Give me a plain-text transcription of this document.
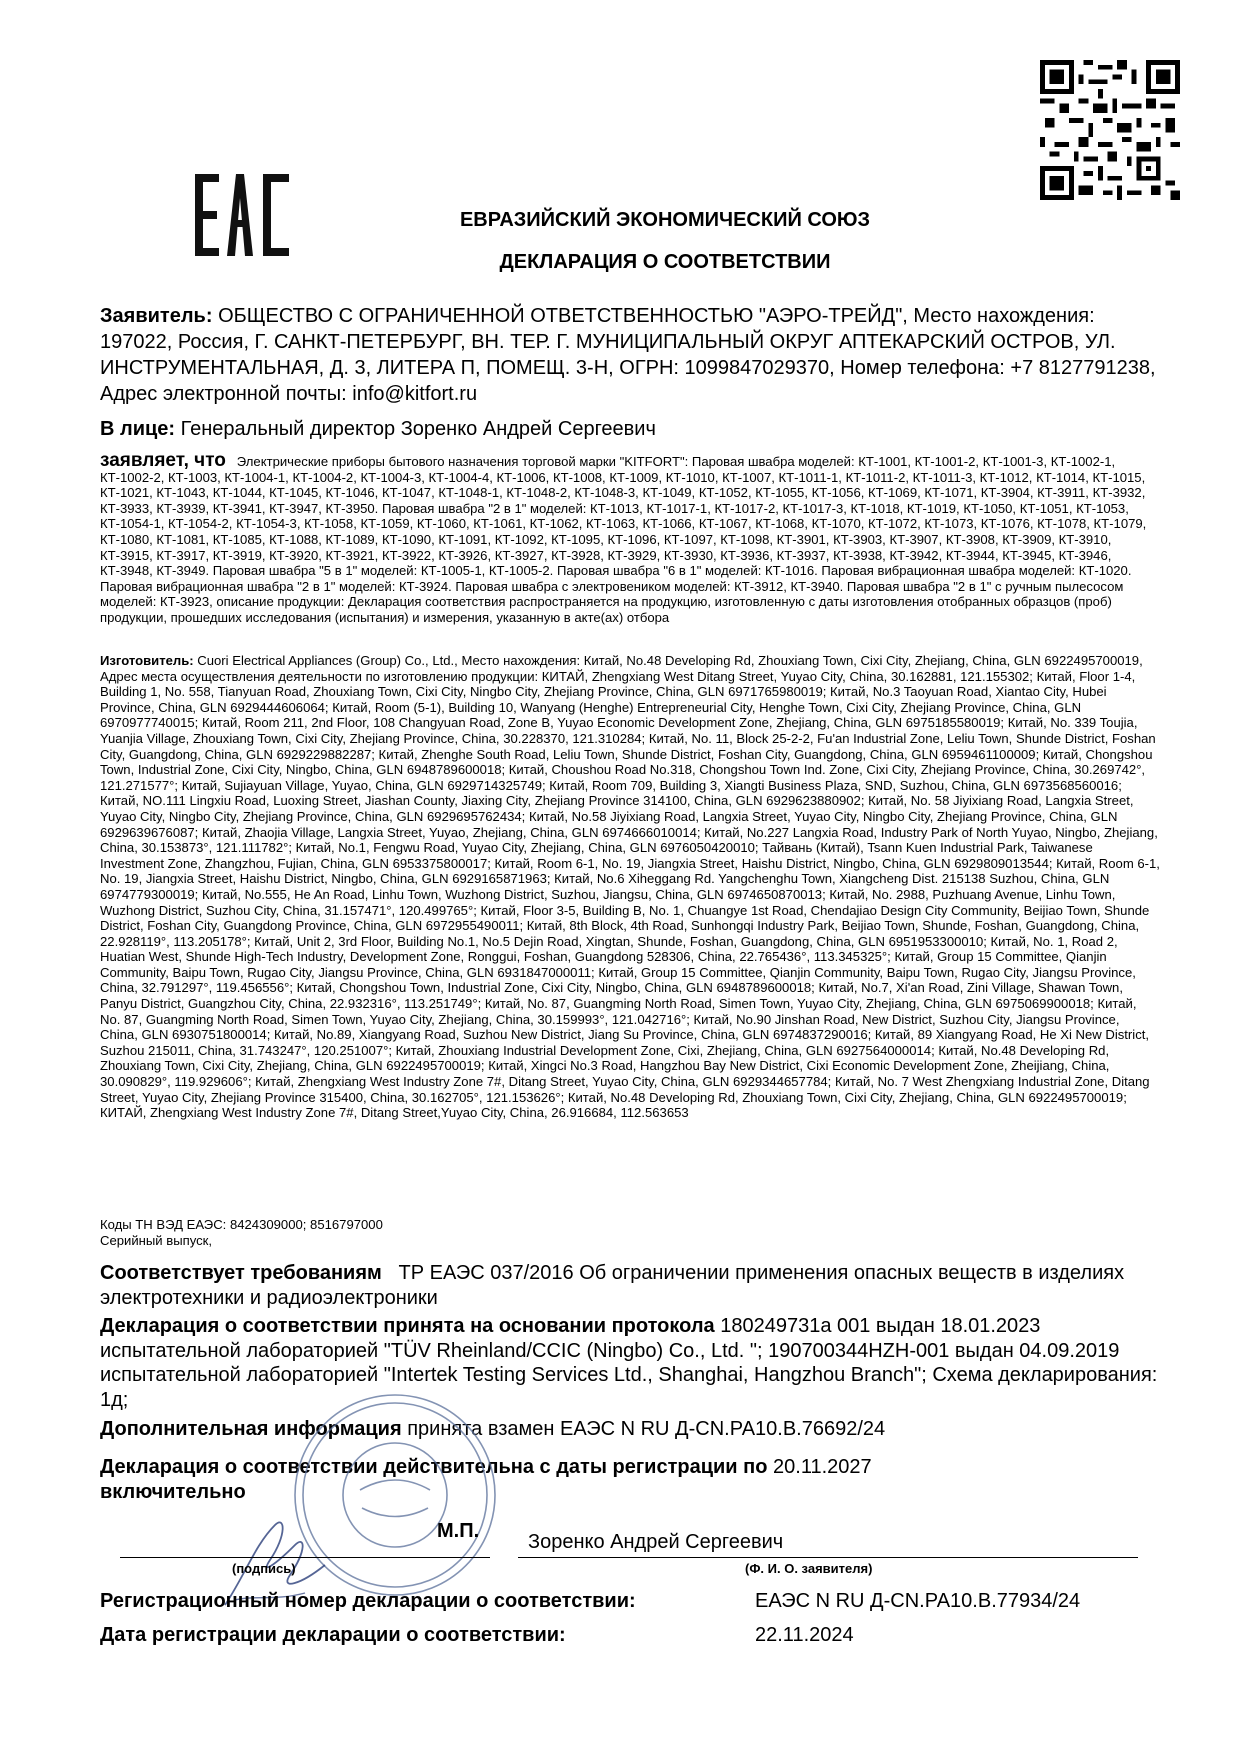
ЕВРАЗИЙСКИЙ ЭКОНОМИЧЕСКИЙ СОЮЗ
ДЕКЛАРАЦИЯ О СООТВЕТСТВИИ
Заявитель: ОБЩЕСТВО С ОГРАНИЧЕННОЙ ОТВЕТСТВЕННОСТЬЮ "АЭРО-ТРЕЙД", Место нахождения: 197022, Россия, Г. САНКТ-ПЕТЕРБУРГ, ВН. ТЕР. Г. МУНИЦИПАЛЬНЫЙ ОКРУГ АПТЕКАРСКИЙ ОСТРОВ, УЛ. ИНСТРУМЕНТАЛЬНАЯ, Д. 3, ЛИТЕРА П, ПОМЕЩ. 3-Н, ОГРН: 1099847029370, Номер телефона: +7 8127791238, Адрес электронной почты: info@kitfort.ru
В лице: Генеральный директор Зоренко Андрей Сергеевич
заявляет, что Электрические приборы бытового назначения торговой марки "KITFORT": Паровая швабра моделей: КТ-1001, КТ-1001-2, КТ-1001-3, КТ-1002-1, КТ-1002-2, КТ-1003, КТ-1004-1, КТ-1004-2, КТ-1004-3, КТ-1004-4, КТ-1006, КТ-1008, КТ-1009, КТ-1010, КТ-1007, КТ-1011-1, КТ-1011-2, КТ-1011-3, КТ-1012, КТ-1014, КТ-1015, КТ-1021, КТ-1043, КТ-1044, КТ-1045, КТ-1046, КТ-1047, КТ-1048-1, КТ-1048-2, КТ-1048-3, КТ-1049, КТ-1052, КТ-1055, КТ-1056, КТ-1069, КТ-1071, КТ-3904, КТ-3911, КТ-3932, КТ-3933, КТ-3939, КТ-3941, КТ-3947, КТ-3950. Паровая швабра "2 в 1" моделей: КТ-1013, КТ-1017-1, КТ-1017-2, КТ-1017-3, КТ-1018, КТ-1019, КТ-1050, КТ-1051, КТ-1053, КТ-1054-1, КТ-1054-2, КТ-1054-3, КТ-1058, КТ-1059, КТ-1060, КТ-1061, КТ-1062, КТ-1063, КТ-1066, КТ-1067, КТ-1068, КТ-1070, КТ-1072, КТ-1073, КТ-1076, КТ-1078, КТ-1079, КТ-1080, КТ-1081, КТ-1085, КТ-1088, КТ-1089, КТ-1090, КТ-1091, КТ-1092, КТ-1095, КТ-1096, КТ-1097, КТ-1098, КТ-3901, КТ-3903, КТ-3907, КТ-3908, КТ-3909, КТ-3910, КТ-3915, КТ-3917, КТ-3919, КТ-3920, КТ-3921, КТ-3922, КТ-3926, КТ-3927, КТ-3928, КТ-3929, КТ-3930, КТ-3936, КТ-3937, КТ-3938, КТ-3942, КТ-3944, КТ-3945, КТ-3946, КТ-3948, КТ-3949. Паровая швабра "5 в 1" моделей: КТ-1005-1, КТ-1005-2. Паровая швабра "6 в 1" моделей: КТ-1016. Паровая вибрационная швабра моделей: КТ-1020. Паровая вибрационная швабра "2 в 1" моделей: КТ-3924. Паровая швабра с электровеником моделей: КТ-3912, КТ-3940. Паровая швабра "2 в 1" с ручным пылесосом моделей: КТ-3923, описание продукции: Декларация соответствия распространяется на продукцию, изготовленную с даты изготовления отобранных образцов (проб) продукции, прошедших исследования (испытания) и измерения, указанную в акте(ах) отбора
Изготовитель: Cuori Electrical Appliances (Group) Co., Ltd., Место нахождения: Китай, No.48 Developing Rd, Zhouxiang Town, Cixi City, Zhejiang, China, GLN 6922495700019, Адрес места осуществления деятельности по изготовлению продукции: КИТАЙ, Zhengxiang West Ditang Street, Yuyao City, China, 30.162881, 121.155302; Китай, Floor 1-4, Building 1, No. 558, Tianyuan Road, Zhouxiang Town, Cixi City, Ningbo City, Zhejiang Province, China, GLN 6971765980019; Китай, No.3 Taoyuan Road, Xiantao City, Hubei Province, China, GLN 6929444606064; Китай, Room (5-1), Building 10, Wanyang (Henghe) Entrepreneurial City, Henghe Town, Cixi City, Zhejiang Province, China, GLN 6970977740015; Китай, Room 211, 2nd Floor, 108 Changyuan Road, Zone B, Yuyao Economic Development Zone, Zhejiang, China, GLN 6975185580019; Китай, No. 339 Toujia, Yuanjia Village, Zhouxiang Town, Cixi City, Zhejiang Province, China, 30.228370, 121.310284; Китай, No. 11, Block 25-2-2, Fu'an Industrial Zone, Leliu Town, Shunde District, Foshan City, Guangdong, China, GLN 6929229882287; Китай, Zhenghe South Road, Leliu Town, Shunde District, Foshan City, Guangdong, China, GLN 6959461100009; Китай, Chongshou Town, Industrial Zone, Cixi City, Ningbo, China, GLN 6948789600018; Китай, Choushou Road No.318, Chongshou Town Ind. Zone, Cixi City, Zhejiang Province, China, 30.269742°, 121.271577°; Китай, Sujiayuan Village, Yuyao, China, GLN 6929714325749; Китай, Room 709, Building 3, Xiangti Business Plaza, SND, Suzhou, China, GLN 6973568560016; Китай, NO.111 Lingxiu Road, Luoxing Street, Jiashan County, Jiaxing City, Zhejiang Province 314100, China, GLN 6929623880902; Китай, No. 58 Jiyixiang Road, Langxia Street, Yuyao City, Ningbo City, Zhejiang Province, China, GLN 6929695762434; Китай, No.58 Jiyixiang Road, Langxia Street, Yuyao City, Ningbo City, Zhejiang Province, China, GLN 6929639676087; Китай, Zhaojia Village, Langxia Street, Yuyao, Zhejiang, China, GLN 6974666010014; Китай, No.227 Langxia Road, Industry Park of North Yuyao, Ningbo, Zhejiang, China, 30.153873°, 121.111782°; Китай, No.1, Fengwu Road, Yuyao City, Zhejiang, China, GLN 6976050420010; Тайвань (Китай), Tsann Kuen Industrial Park, Taiwanese Investment Zone, Zhangzhou, Fujian, China, GLN 6953375800017; Китай, Room 6-1, No. 19, Jiangxia Street, Haishu District, Ningbo, China, GLN 6929809013544; Китай, Room 6-1, No. 19, Jiangxia Street, Haishu District, Ningbo, China, GLN 6929165871963; Китай, No.6 Xiheggang Rd. Yangchenghu Town, Xiangcheng Dist. 215138 Suzhou, China, GLN 6974779300019; Китай, No.555, He An Road, Linhu Town, Wuzhong District, Suzhou, Jiangsu, China, GLN 6974650870013; Китай, No. 2988, Puzhuang Avenue, Linhu Town, Wuzhong District, Suzhou City, China, 31.157471°, 120.499765°; Китай, Floor 3-5, Building B, No. 1, Chuangye 1st Road, Chendajiao Design City Community, Beijiao Town, Shunde District, Foshan City, Guangdong Province, China, GLN 6972955490011; Китай, 8th Block, 4th Road, Sunhongqi Industry Park, Beijiao Town, Shunde, Foshan, Guangdong, China, 22.928119°, 113.205178°; Китай, Unit 2, 3rd Floor, Building No.1, No.5 Dejin Road, Xingtan, Shunde, Foshan, Guangdong, China, GLN 6951953300010; Китай, No. 1, Road 2, Huatian West, Shunde High-Tech Industry, Development Zone, Ronggui, Foshan, Guangdong 528306, China, 22.765436°, 113.345325°; Китай, Group 15 Committee, Qianjin Community, Baipu Town, Rugao City, Jiangsu Province, China, GLN 6931847000011; Китай, Group 15 Committee, Qianjin Community, Baipu Town, Rugao City, Jiangsu Province, China, 32.791297°, 119.456556°; Китай, Chongshou Town, Industrial Zone, Cixi City, Ningbo, China, GLN 6948789600018; Китай, No.7, Xi'an Road, Zini Village, Shawan Town, Panyu District, Guangzhou City, China, 22.932316°, 113.251749°; Китай, No. 87, Guangming North Road, Simen Town, Yuyao City, Zhejiang, China, GLN 6975069900018; Китай, No. 87, Guangming North Road, Simen Town, Yuyao City, Zhejiang, China, 30.159993°, 121.042716°; Китай, No.90 Jinshan Road, New District, Suzhou City, Jiangsu Province, China, GLN 6930751800014; Китай, No.89, Xiangyang Road, Suzhou New District, Jiang Su Province, China, GLN 6974837290016; Китай, 89 Xiangyang Road, He Xi New District, Suzhou 215011, China, 31.743247°, 120.251007°; Китай, Zhouxiang Industrial Development Zone, Cixi, Zhejiang, China, GLN 6927564000014; Китай, No.48 Developing Rd, Zhouxiang Town, Cixi City, Zhejiang, China, GLN 6922495700019; Китай, Xingci No.3 Road, Hangzhou Bay New District, Cixi Economic Development Zone, Zheijiang, China, 30.090829°, 119.929606°; Китай, Zhengxiang West Industry Zone 7#, Ditang Street, Yuyao City, China, GLN 6929344657784; Китай, No. 7 West Zhengxiang Industrial Zone, Ditang Street, Yuyao City, Zhejiang Province 315400, China, 30.162705°, 121.153626°; Китай, No.48 Developing Rd, Zhouxiang Town, Cixi City, Zhejiang, China, GLN 6922495700019; КИТАЙ, Zhengxiang West Industry Zone 7#, Ditang Street,Yuyao City, China, 26.916684, 112.563653
Коды ТН ВЭД ЕАЭС: 8424309000; 8516797000
Серийный выпуск,
Соответствует требованиям ТР ЕАЭС 037/2016 Об ограничении применения опасных веществ в изделиях электротехники и радиоэлектроники
Декларация о соответствии принята на основании протокола 180249731a 001 выдан 18.01.2023 испытательной лабораторией "TÜV Rheinland/CCIC (Ningbo) Co., Ltd. "; 190700344HZH-001 выдан 04.09.2019 испытательной лабораторией "Intertek Testing Services Ltd., Shanghai, Hangzhou Branch"; Схема декларирования: 1д;
Дополнительная информация принята взамен ЕАЭС N RU Д-CN.РА10.В.76692/24
Декларация о соответствии действительна с даты регистрации по 20.11.2027
включительно
М.П. Зоренко Андрей Сергеевич
(подпись)	(Ф. И. О. заявителя)
Регистрационный номер декларации о соответствии:	ЕАЭС N RU Д-CN.РА10.В.77934/24
Дата регистрации декларации о соответствии:	22.11.2024
